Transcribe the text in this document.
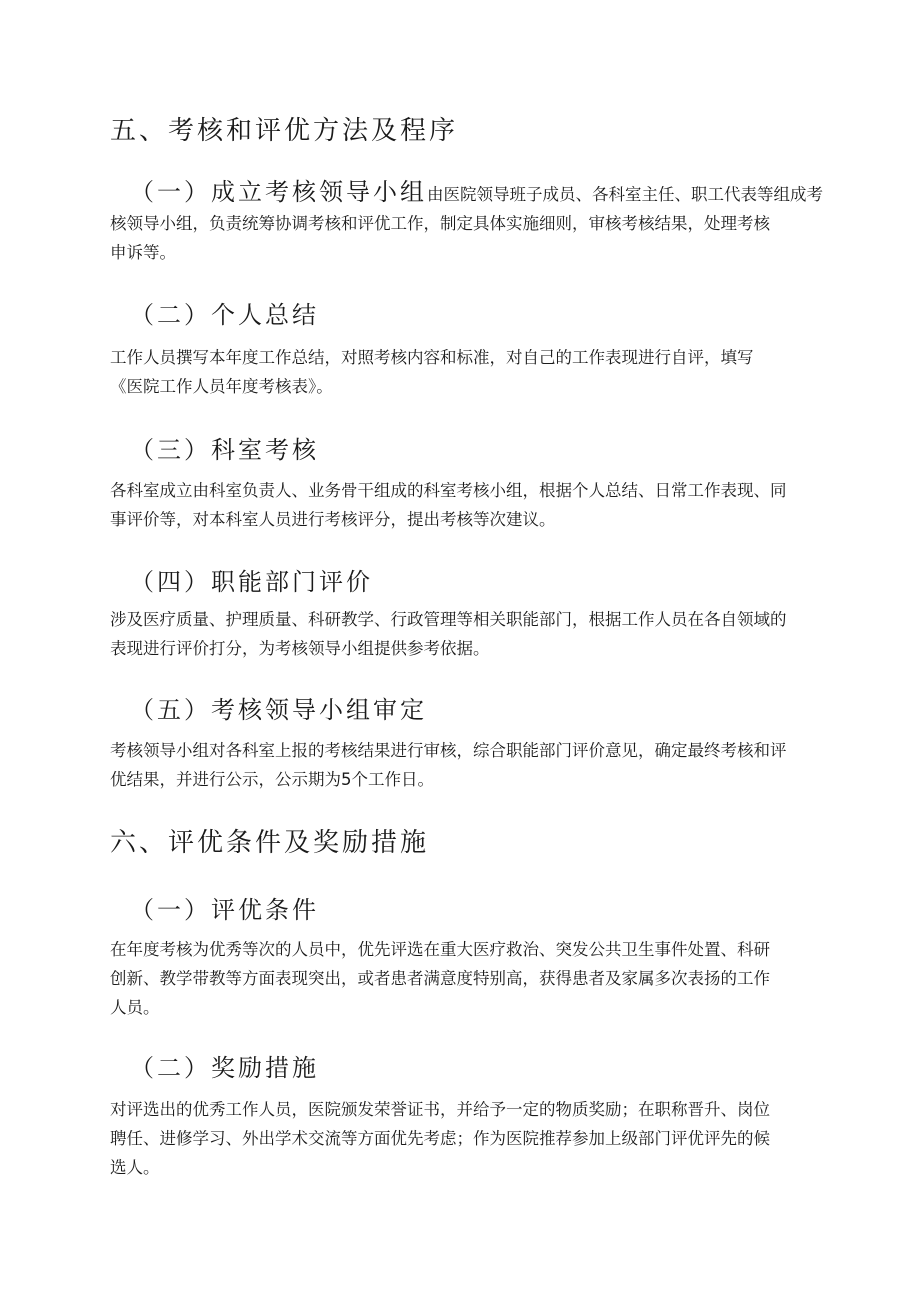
五、考核和评优方法及程序
（一）成立考核领导小组由医院领导班子成员、各科室主任、职工代表等组成考
核领导小组，负责统筹协调考核和评优工作，制定具体实施细则，审核考核结果，处理考核
申诉等。
（二）个人总结
工作人员撰写本年度工作总结，对照考核内容和标准，对自己的工作表现进行自评，填写
《医院工作人员年度考核表》。
（三）科室考核
各科室成立由科室负责人、业务骨干组成的科室考核小组，根据个人总结、日常工作表现、同
事评价等，对本科室人员进行考核评分，提出考核等次建议。
（四）职能部门评价
涉及医疗质量、护理质量、科研教学、行政管理等相关职能部门，根据工作人员在各自领域的
表现进行评价打分，为考核领导小组提供参考依据。
（五）考核领导小组审定
考核领导小组对各科室上报的考核结果进行审核，综合职能部门评价意见，确定最终考核和评
优结果，并进行公示，公示期为5个工作日。
六、评优条件及奖励措施
（一）评优条件
在年度考核为优秀等次的人员中，优先评选在重大医疗救治、突发公共卫生事件处置、科研
创新、教学带教等方面表现突出，或者患者满意度特别高，获得患者及家属多次表扬的工作
人员。
（二）奖励措施
对评选出的优秀工作人员，医院颁发荣誉证书，并给予一定的物质奖励；在职称晋升、岗位
聘任、进修学习、外出学术交流等方面优先考虑；作为医院推荐参加上级部门评优评先的候
选人。
